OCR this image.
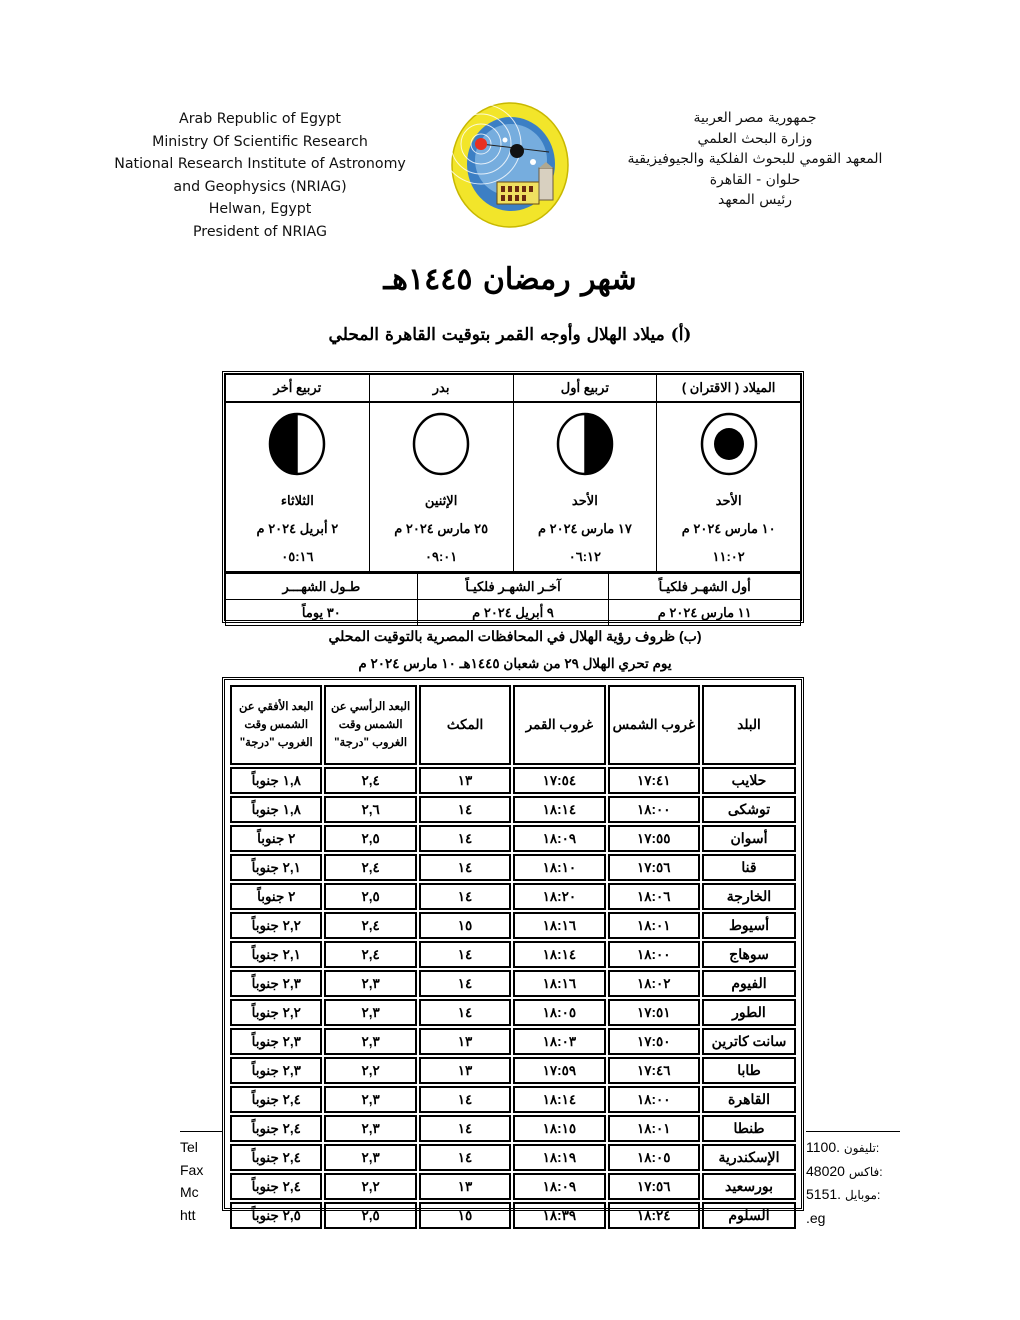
Arab Republic of Egypt
Ministry Of Scientific Research
National Research Institute of Astronomy
and Geophysics (NRIAG)
Helwan, Egypt
President of NRIAG
جمهورية مصر العربية
وزارة البحث العلمي
المعهد القومي للبحوث الفلكية والجيوفيزيقية
حلوان - القاهرة
رئيس المعهد
شهر رمضان ١٤٤٥هـ
(أ) ميلاد الهلال وأوجه القمر بتوقيت القاهرة المحلي
الميلاد ( الاقتران )	تربيع أول	بدر	تربيع أخر

الأحد	الأحد	الإثنين	الثلاثاء
١٠ مارس ٢٠٢٤ م	١٧ مارس ٢٠٢٤ م	٢٥ مارس ٢٠٢٤ م	٢ أبريل ٢٠٢٤ م
١١:٠٢	٠٦:١٢	٠٩:٠١	٠٥:١٦
أول الشهـر فلكيـاً	آخـر الشهـر فلكيـاً	طـول الشهـــر
١١ مارس ٢٠٢٤ م	٩ أبريل ٢٠٢٤ م	٣٠ يوماً
(ب) ظروف رؤية الهلال في المحافظات المصرية بالتوقيت المحلي
يوم تحري الهلال ٢٩ من شعبان ١٤٤٥هـ ١٠ مارس ٢٠٢٤ م
Tel
Fax
Mc
htt
1100. تليفون:
48020 فاكس:
5151. موبايل:
.eg
البلد	غروب الشمس	غروب القمر	المكث	البعد الرأسي عن الشمس وقت الغروب "درجة"	البعد الأفقي عن الشمس وقت الغروب "درجة"
حلايب	١٧:٤١	١٧:٥٤	١٣	٢,٤	١,٨ جنوباً
توشكى	١٨:٠٠	١٨:١٤	١٤	٢,٦	١,٨ جنوباً
أسوان	١٧:٥٥	١٨:٠٩	١٤	٢,٥	٢ جنوباً
قنا	١٧:٥٦	١٨:١٠	١٤	٢,٤	٢,١ جنوباً
الخارجة	١٨:٠٦	١٨:٢٠	١٤	٢,٥	٢ جنوباً
أسيوط	١٨:٠١	١٨:١٦	١٥	٢,٤	٢,٢ جنوباً
سوهاج	١٨:٠٠	١٨:١٤	١٤	٢,٤	٢,١ جنوباً
الفيوم	١٨:٠٢	١٨:١٦	١٤	٢,٣	٢,٣ جنوباً
الطور	١٧:٥١	١٨:٠٥	١٤	٢,٣	٢,٢ جنوباً
سانت كاترين	١٧:٥٠	١٨:٠٣	١٣	٢,٣	٢,٣ جنوباً
طابا	١٧:٤٦	١٧:٥٩	١٣	٢,٢	٢,٣ جنوباً
القاهرة	١٨:٠٠	١٨:١٤	١٤	٢,٣	٢,٤ جنوباً
طنطا	١٨:٠١	١٨:١٥	١٤	٢,٣	٢,٤ جنوباً
الإسكندرية	١٨:٠٥	١٨:١٩	١٤	٢,٣	٢,٤ جنوباً
بورسعيد	١٧:٥٦	١٨:٠٩	١٣	٢,٢	٢,٤ جنوباً
السلوم	١٨:٢٤	١٨:٣٩	١٥	٢,٥	٢,٥ جنوباً
